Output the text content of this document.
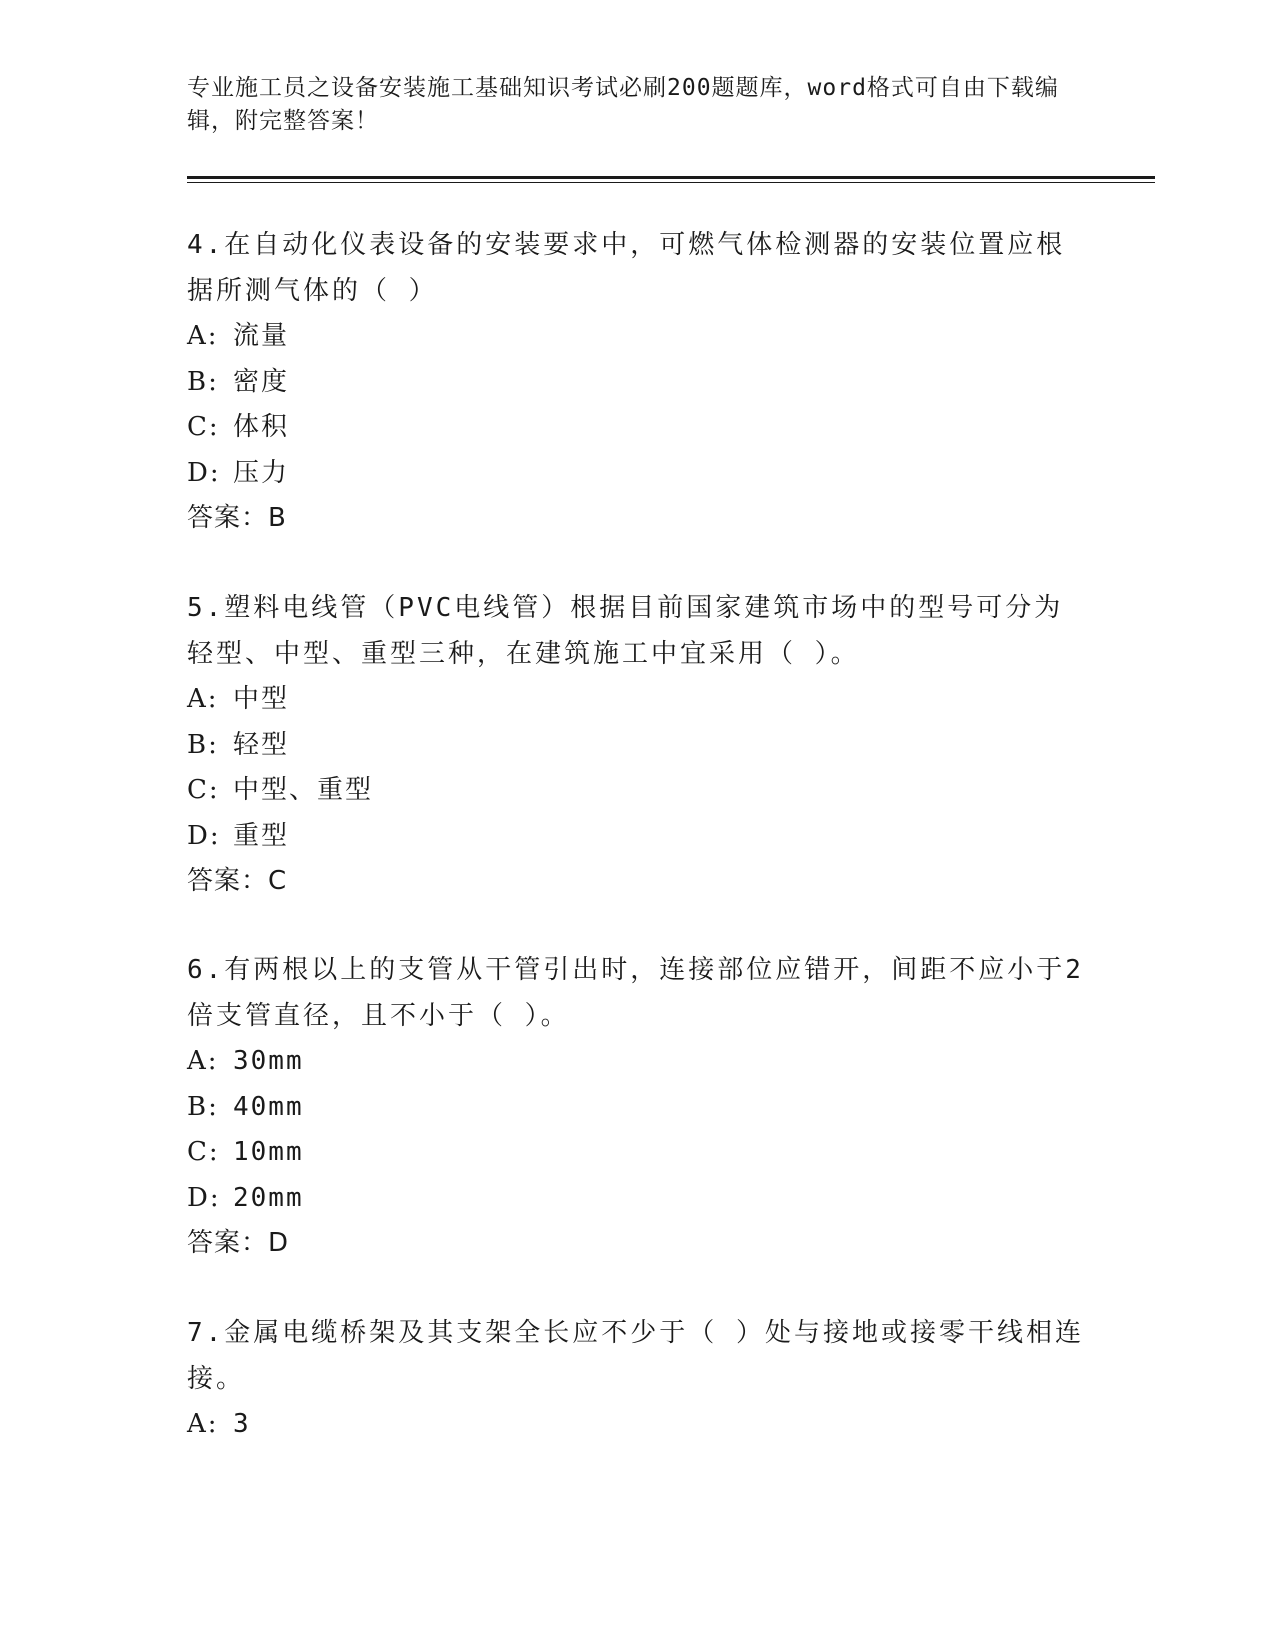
专业施工员之设备安装施工基础知识考试必刷200题题库，word格式可自由下载编辑，附完整答案！

4.在自动化仪表设备的安装要求中，可燃气体检测器的安装位置应根据所测气体的（ ）

A: 流量
B: 密度
C: 体积
D: 压力
答案：B

5.塑料电线管（PVC电线管）根据目前国家建筑市场中的型号可分为轻型、中型、重型三种，在建筑施工中宜采用（ ）。

A: 中型
B: 轻型
C: 中型、重型
D: 重型
答案：C

6.有两根以上的支管从干管引出时，连接部位应错开，间距不应小于2倍支管直径，且不小于（ ）。

A: 30mm
B: 40mm
C: 10mm
D: 20mm
答案：D

7.金属电缆桥架及其支架全长应不少于（ ）处与接地或接零干线相连接。

A: 3
